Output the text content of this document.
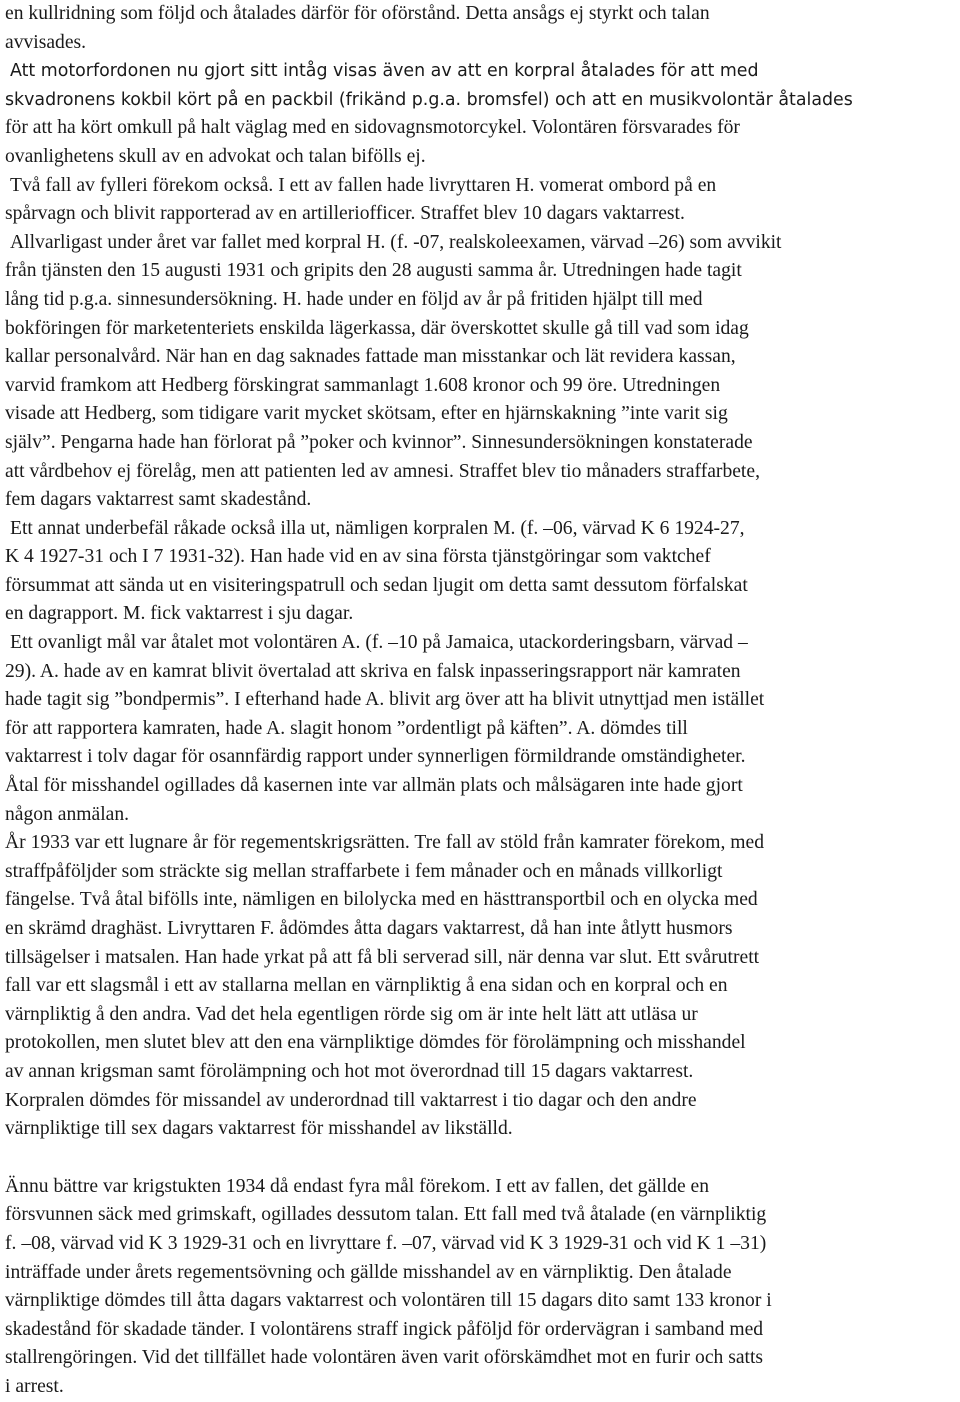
en kullridning som följd och åtalades därför för oförstånd. Detta ansågs ej styrkt och talan
avvisades.
Att motorfordonen nu gjort sitt intåg visas även av att en korpral åtalades för att med
skvadronens kokbil kört på en packbil (frikänd p.g.a. bromsfel) och att en musikvolontär åtalades
för att ha kört omkull på halt väglag med en sidovagnsmotorcykel. Volontären försvarades för
ovanlighetens skull av en advokat och talan bifölls ej.
Två fall av fylleri förekom också. I ett av fallen hade livryttaren H. vomerat ombord på en
spårvagn och blivit rapporterad av en artilleriofficer. Straffet blev 10 dagars vaktarrest.
Allvarligast under året var fallet med korpral H. (f. -07, realskoleexamen, värvad –26) som avvikit
från tjänsten den 15 augusti 1931 och gripits den 28 augusti samma år. Utredningen hade tagit
lång tid p.g.a. sinnesundersökning. H. hade under en följd av år på fritiden hjälpt till med
bokföringen för marketenteriets enskilda lägerkassa, där överskottet skulle gå till vad som idag
kallar personalvård. När han en dag saknades fattade man misstankar och lät revidera kassan,
varvid framkom att Hedberg förskingrat sammanlagt 1.608 kronor och 99 öre. Utredningen
visade att Hedberg, som tidigare varit mycket skötsam, efter en hjärnskakning ”inte varit sig
själv”. Pengarna hade han förlorat på ”poker och kvinnor”. Sinnesundersökningen konstaterade
att vårdbehov ej förelåg, men att patienten led av amnesi. Straffet blev tio månaders straffarbete,
fem dagars vaktarrest samt skadestånd.
Ett annat underbefäl råkade också illa ut, nämligen korpralen M. (f. –06, värvad K 6 1924-27,
K 4 1927-31 och I 7 1931-32). Han hade vid en av sina första tjänstgöringar som vaktchef
försummat att sända ut en visiteringspatrull och sedan ljugit om detta samt dessutom förfalskat
en dagrapport. M. fick vaktarrest i sju dagar.
Ett ovanligt mål var åtalet mot volontären A. (f. –10 på Jamaica, utackorderingsbarn, värvad –
29). A. hade av en kamrat blivit övertalad att skriva en falsk inpasseringsrapport när kamraten
hade tagit sig ”bondpermis”. I efterhand hade A. blivit arg över att ha blivit utnyttjad men istället
för att rapportera kamraten, hade A. slagit honom ”ordentligt på käften”. A. dömdes till
vaktarrest i tolv dagar för osannfärdig rapport under synnerligen förmildrande omständigheter.
Åtal för misshandel ogillades då kasernen inte var allmän plats och målsägaren inte hade gjort
någon anmälan.
År 1933 var ett lugnare år för regementskrigsrätten. Tre fall av stöld från kamrater förekom, med
straffpåföljder som sträckte sig mellan straffarbete i fem månader och en månads villkorligt
fängelse. Två åtal bifölls inte, nämligen en bilolycka med en hästtransportbil och en olycka med
en skrämd draghäst. Livryttaren F. ådömdes åtta dagars vaktarrest, då han inte åtlytt husmors
tillsägelser i matsalen. Han hade yrkat på att få bli serverad sill, när denna var slut. Ett svårutrett
fall var ett slagsmål i ett av stallarna mellan en värnpliktig å ena sidan och en korpral och en
värnpliktig å den andra. Vad det hela egentligen rörde sig om är inte helt lätt att utläsa ur
protokollen, men slutet blev att den ena värnpliktige dömdes för förolämpning och misshandel
av annan krigsman samt förolämpning och hot mot överordnad till 15 dagars vaktarrest.
Korpralen dömdes för missandel av underordnad till vaktarrest i tio dagar och den andre
värnpliktige till sex dagars vaktarrest för misshandel av likställd.
Ännu bättre var krigstukten 1934 då endast fyra mål förekom. I ett av fallen, det gällde en
försvunnen säck med grimskaft, ogillades dessutom talan. Ett fall med två åtalade (en värnpliktig
f. –08, värvad vid K 3 1929-31 och en livryttare f. –07, värvad vid K 3 1929-31 och vid K 1 –31)
inträffade under årets regementsövning och gällde misshandel av en värnpliktig. Den åtalade
värnpliktige dömdes till åtta dagars vaktarrest och volontären till 15 dagars dito samt 133 kronor i
skadestånd för skadade tänder. I volontärens straff ingick påföljd för ordervägran i samband med
stallrengöringen. Vid det tillfället hade volontären även varit oförskämdhet mot en furir och satts
i arrest.
